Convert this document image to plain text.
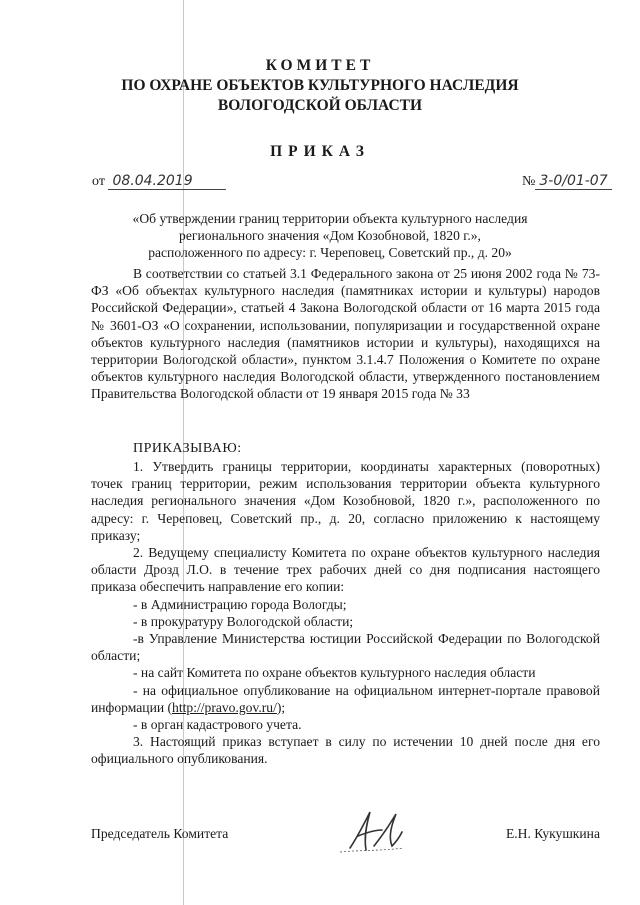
КОМИТЕТ
ПО ОХРАНЕ ОБЪЕКТОВ КУЛЬТУРНОГО НАСЛЕДИЯ
ВОЛОГОДСКОЙ ОБЛАСТИ
ПРИКАЗ
от 08.04.2019	№ 3-0/01-07
«Об утверждении границ территории объекта культурного наследия
регионального значения «Дом Козобновой, 1820 г.»,
расположенного по адресу: г. Череповец, Советский пр., д. 20»

В соответствии со статьей 3.1 Федерального закона от 25 июня 2002 года № 73-ФЗ «Об объектах культурного наследия (памятниках истории и культуры) народов Российской Федерации», статьей 4 Закона Вологодской области от 16 марта 2015 года № 3601-ОЗ «О сохранении, использовании, популяризации и государственной охране объектов культурного наследия (памятников истории и культуры), находящихся на территории Вологодской области», пунктом 3.1.4.7 Положения о Комитете по охране объектов культурного наследия Вологодской области, утвержденного постановлением Правительства Вологодской области от 19 января 2015 года № 33

ПРИКАЗЫВАЮ:

1. Утвердить границы территории, координаты характерных (поворотных) точек границ территории, режим использования территории объекта культурного наследия регионального значения «Дом Козобновой, 1820 г.», расположенного по адресу: г. Череповец, Советский пр., д. 20, согласно приложению к настоящему приказу;

2. Ведущему специалисту Комитета по охране объектов культурного наследия области Дрозд Л.О. в течение трех рабочих дней со дня подписания настоящего приказа обеспечить направление его копии:

- в Администрацию города Вологды;

- в прокуратуру Вологодской области;

-в Управление Министерства юстиции Российской Федерации по Вологодской области;

- на сайт Комитета по охране объектов культурного наследия области

- на официальное опубликование на официальном интернет-портале правовой информации (http://pravo.gov.ru/);

- в орган кадастрового учета.

3. Настоящий приказ вступает в силу по истечении 10 дней после дня его официального опубликования.

Председатель Комитета	Е.Н. Кукушкина
